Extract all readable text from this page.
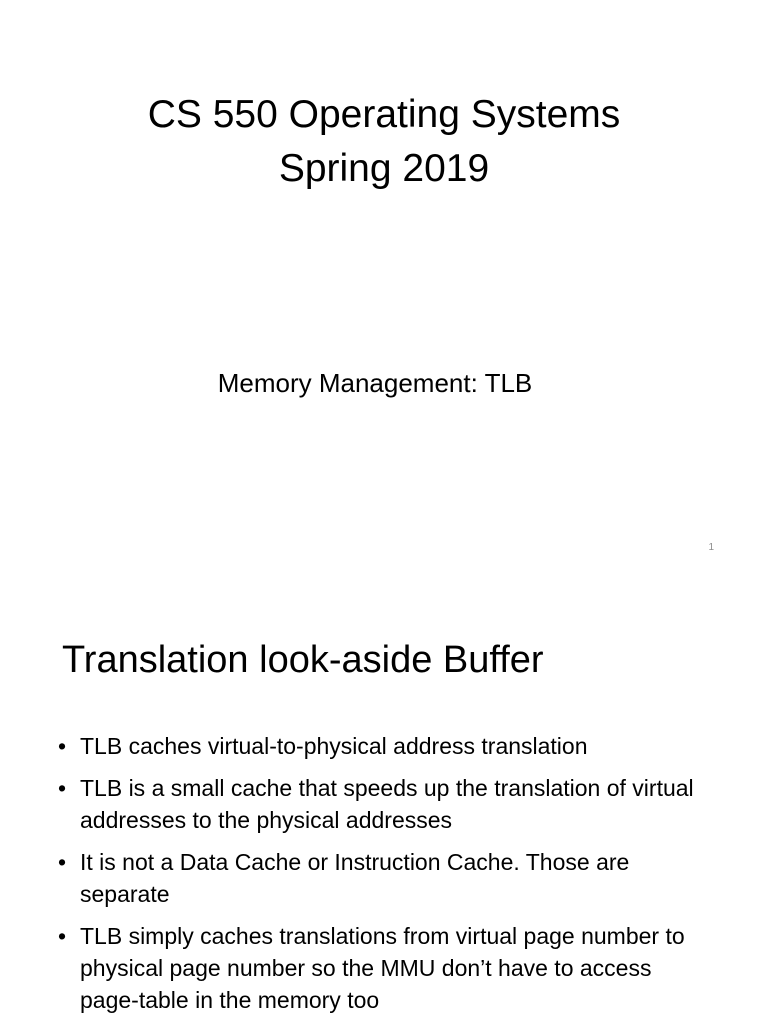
CS 550 Operating Systems
Spring 2019

Memory Management: TLB

1
Translation look-aside Buffer
• TLB caches virtual-to-physical address translation
• TLB is a small cache that speeds up the translation of virtual addresses to the physical addresses
• It is not a Data Cache or Instruction Cache. Those are separate
• TLB simply caches translations from virtual page number to physical page number so the MMU don’t have to access page-table in the memory too
